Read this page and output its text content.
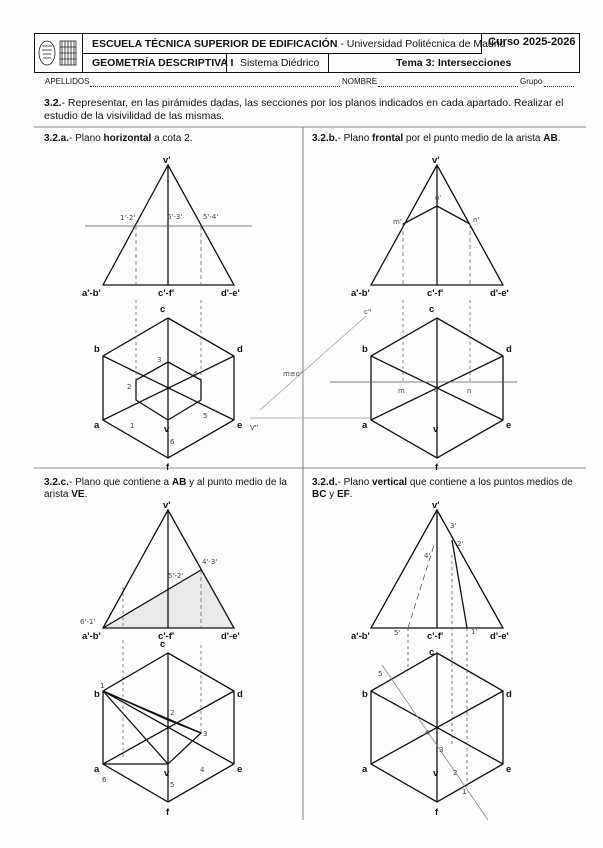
ESCUELA TÉCNICA SUPERIOR DE EDIFICACIÓN - Universidad Politécnica de Madrid
Curso 2025-2026
GEOMETRÍA DESCRIPTIVA I Sistema Diédrico	Tema 3: Intersecciones
APELLIDOS	NOMBRE	Grupo
3.2.- Representar, en las pirámides dadas, las secciones por los planos indicados en cada apartado. Realizar el estudio de la visivilidad de las mismas.
3.2.a.- Plano horizontal a cota 2.	3.2.b.- Plano frontal por el punto medio de la arista AB.
3.2.c.- Plano que contiene a AB y al punto medio de la arista VE.
3.2.d.- Plano vertical que contiene a los puntos medios de BC y EF.
v'
a'-b'	c'-f'	d'-e'
c
b	d
a	v	e
f
1'-2'	6'-3'	5'-4'
1
2
3
4
5
6
v'
a'-b'	c'-f'	d'-e'
c
b	d
a	v	e
f
m'
o'
n'
c''
m	o	n
m≡o''
V''
v'
a'-b'	c'-f'	d'-e'
c
b	d
a	v	e
f
4'-3'
5'-2'
6'-1'
1
2
3
4
5
6
v'
a'-b'	c'-f'	d'-e'
c
b	d
a	v	e
f
3'
4'
2'
5'	1'
5
4
3
2
1
